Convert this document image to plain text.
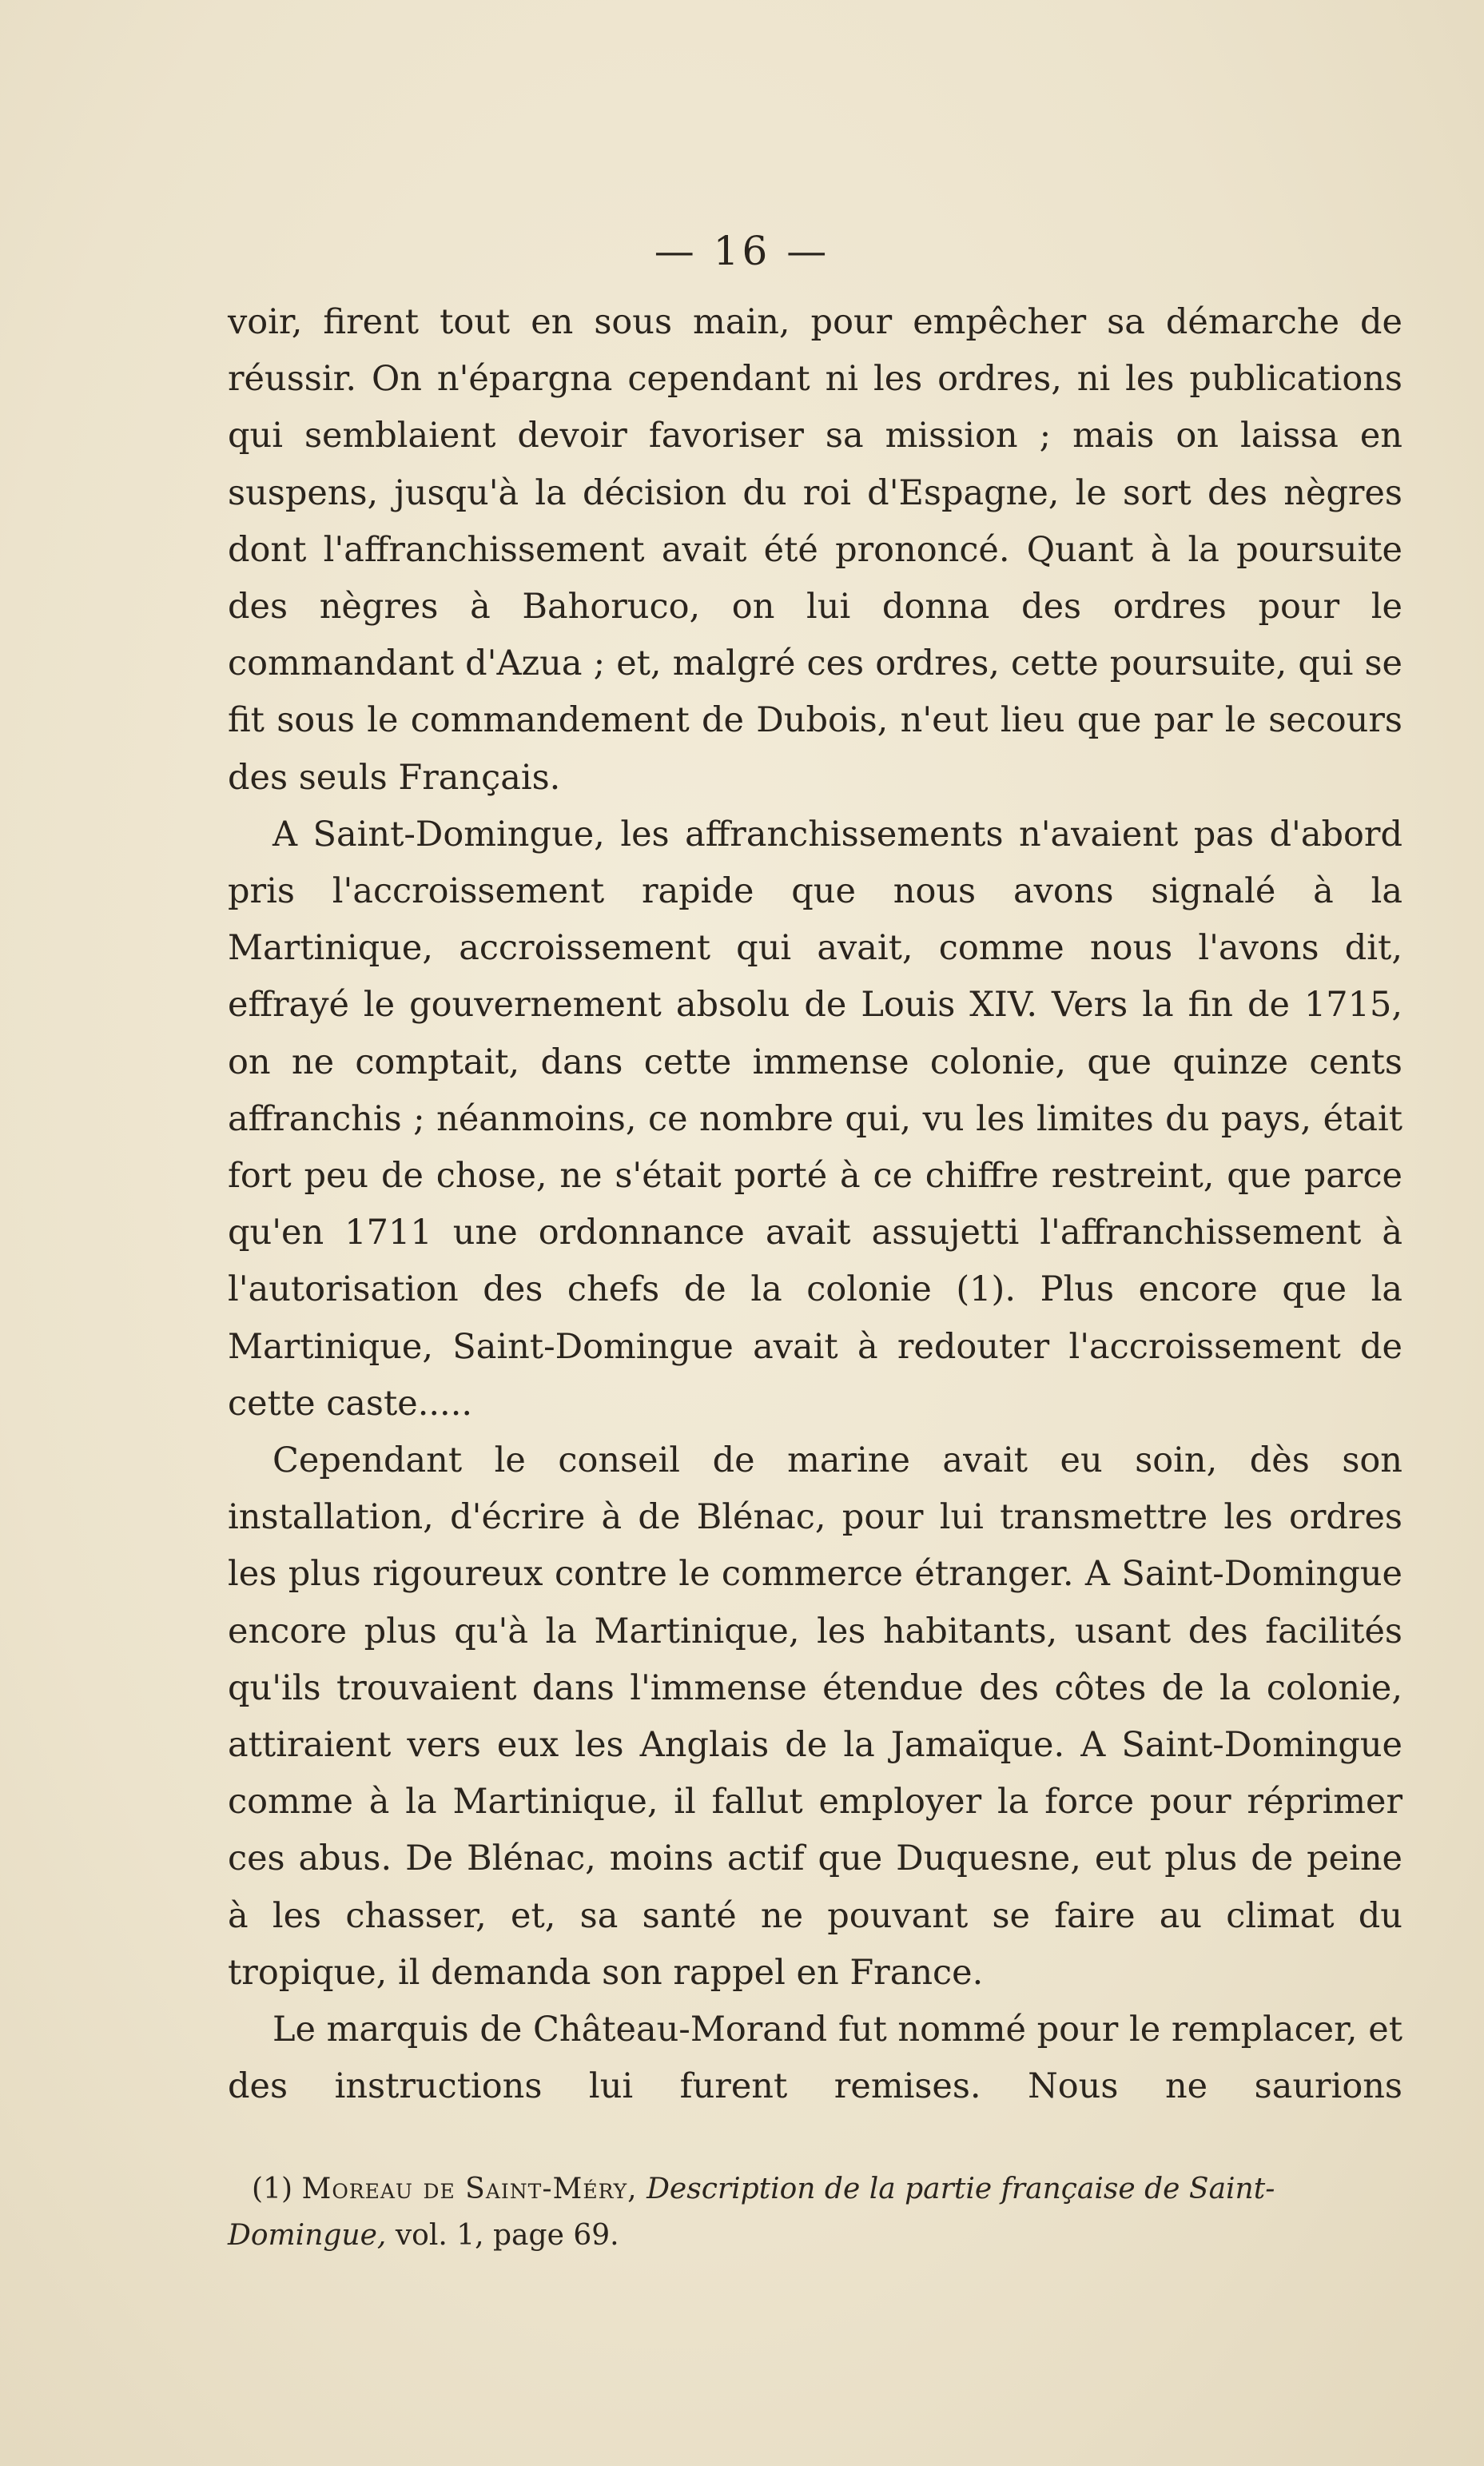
— 16 —

voir, firent tout en sous main, pour empêcher sa démarche de réussir. On n'épargna cependant ni les ordres, ni les publications qui semblaient devoir favoriser sa mission ; mais on laissa en suspens, jusqu'à la décision du roi d'Espagne, le sort des nègres dont l'affranchissement avait été prononcé. Quant à la poursuite des nègres à Bahoruco, on lui donna des ordres pour le commandant d'Azua ; et, malgré ces ordres, cette poursuite, qui se fit sous le commandement de Dubois, n'eut lieu que par le secours des seuls Français.

A Saint-Domingue, les affranchissements n'avaient pas d'abord pris l'accroissement rapide que nous avons signalé à la Martinique, accroissement qui avait, comme nous l'avons dit, effrayé le gouvernement absolu de Louis XIV. Vers la fin de 1715, on ne comptait, dans cette immense colonie, que quinze cents affranchis ; néanmoins, ce nombre qui, vu les limites du pays, était fort peu de chose, ne s'était porté à ce chiffre restreint, que parce qu'en 1711 une ordonnance avait assujetti l'affranchissement à l'autorisation des chefs de la colonie (1). Plus encore que la Martinique, Saint-Domingue avait à redouter l'accroissement de cette caste.....

Cependant le conseil de marine avait eu soin, dès son installation, d'écrire à de Blénac, pour lui transmettre les ordres les plus rigoureux contre le commerce étranger. A Saint-Domingue encore plus qu'à la Martinique, les habitants, usant des facilités qu'ils trouvaient dans l'immense étendue des côtes de la colonie, attiraient vers eux les Anglais de la Jamaïque. A Saint-Domingue comme à la Martinique, il fallut employer la force pour réprimer ces abus. De Blénac, moins actif que Duquesne, eut plus de peine à les chasser, et, sa santé ne pouvant se faire au climat du tropique, il demanda son rappel en France.

Le marquis de Château-Morand fut nommé pour le remplacer, et des instructions lui furent remises. Nous ne saurions

(1) Moreau de Saint-Méry, Description de la partie française de Saint-Domingue, vol. 1, page 69.
